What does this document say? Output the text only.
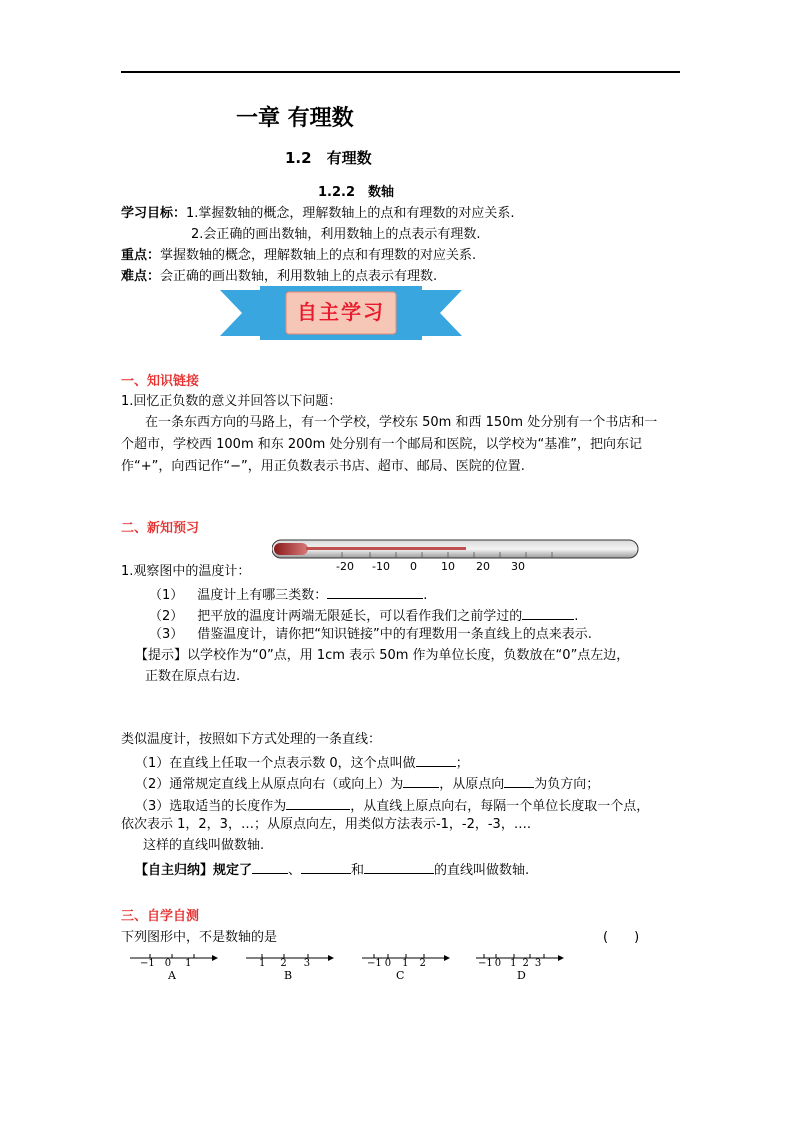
一章 有理数
1.2　有理数
1.2.2　数轴
学习目标：1.掌握数轴的概念，理解数轴上的点和有理数的对应关系.
2.会正确的画出数轴，利用数轴上的点表示有理数.
重点：掌握数轴的概念，理解数轴上的点和有理数的对应关系.
难点：会正确的画出数轴，利用数轴上的点表示有理数.
自主学习
一、知识链接
1.回忆正负数的意义并回答以下问题：
在一条东西方向的马路上，有一个学校，学校东 50m 和西 150m 处分别有一个书店和一
个超市，学校西 100m 和东 200m 处分别有一个邮局和医院，以学校为“基准”，把向东记
作“+”，向西记作“−”，用正负数表示书店、超市、邮局、医院的位置.
二、新知预习
-20 -10 0 10 20 30
1.观察图中的温度计：
（1） 温度计上有哪三类数：	.
（2） 把平放的温度计两端无限延长，可以看作我们之前学过的	.
（3） 借鉴温度计，请你把“知识链接”中的有理数用一条直线上的点来表示.
【提示】以学校作为“0”点，用 1cm 表示 50m 作为单位长度，负数放在“0”点左边，
正数在原点右边.
类似温度计，按照如下方式处理的一条直线：
（1）在直线上任取一个点表示数 0，这个点叫做	；
（2）通常规定直线上从原点向右（或向上）为	，从原点向 为负方向；
（3）选取适当的长度作为	，从直线上原点向右，每隔一个单位长度取一个点，
依次表示 1，2，3，…；从原点向左，用类似方法表示-1，-2，-3，….
这样的直线叫做数轴.
【自主归纳】规定了	、	和	的直线叫做数轴.
三、自学自测
下列图形中，不是数轴的是	(　　)
−1 0 1
A
1 2 3
B
−1 0 1 2
C
−1 0 1 2 3
D
